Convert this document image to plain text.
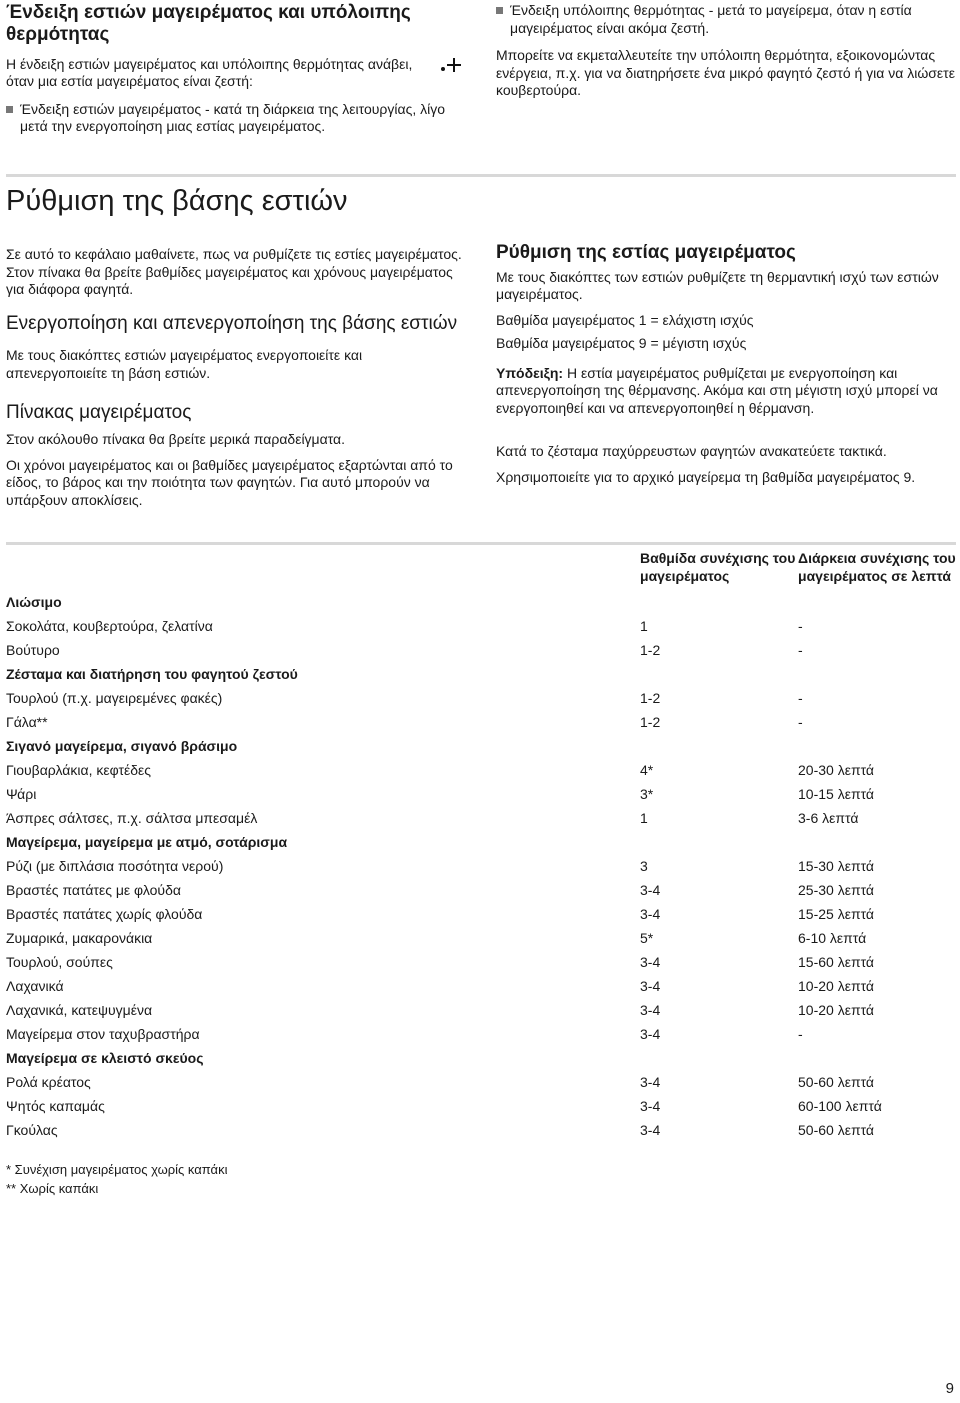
Ένδειξη εστιών μαγειρέματος και υπόλοιπης θερμότητας

Η ένδειξη εστιών μαγειρέματος και υπόλοιπης θερμότητας ανάβει, όταν μια εστία μαγειρέματος είναι ζεστή:

Ένδειξη εστιών μαγειρέματος - κατά τη διάρκεια της λειτουργίας, λίγο μετά την ενεργοποίηση μιας εστίας μαγειρέματος.

Ένδειξη υπόλοιπης θερμότητας - μετά το μαγείρεμα, όταν η εστία μαγειρέματος είναι ακόμα ζεστή.

Μπορείτε να εκμεταλλευτείτε την υπόλοιπη θερμότητα, εξοικονομώντας ενέργεια, π.χ. για να διατηρήσετε ένα μικρό φαγητό ζεστό ή για να λιώσετε κουβερτούρα.

Ρύθμιση της βάσης εστιών

Σε αυτό το κεφάλαιο μαθαίνετε, πως να ρυθμίζετε τις εστίες μαγειρέματος. Στον πίνακα θα βρείτε βαθμίδες μαγειρέματος και χρόνους μαγειρέματος για διάφορα φαγητά.

Ενεργοποίηση και απενεργοποίηση της βάσης εστιών

Με τους διακόπτες εστιών μαγειρέματος ενεργοποιείτε και απενεργοποιείτε τη βάση εστιών.

Πίνακας μαγειρέματος

Στον ακόλουθο πίνακα θα βρείτε μερικά παραδείγματα.

Οι χρόνοι μαγειρέματος και οι βαθμίδες μαγειρέματος εξαρτώνται από το είδος, το βάρος και την ποιότητα των φαγητών. Για αυτό μπορούν να υπάρξουν αποκλίσεις.

Ρύθμιση της εστίας μαγειρέματος

Με τους διακόπτες των εστιών ρυθμίζετε τη θερμαντική ισχύ των εστιών μαγειρέματος.

Βαθμίδα μαγειρέματος 1 = ελάχιστη ισχύς

Βαθμίδα μαγειρέματος 9 = μέγιστη ισχύς

Υπόδειξη: Η εστία μαγειρέματος ρυθμίζεται με ενεργοποίηση και απενεργοποίηση της θέρμανσης. Ακόμα και στη μέγιστη ισχύ μπορεί να ενεργοποιηθεί και να απενεργοποιηθεί η θέρμανση.

Κατά το ζέσταμα παχύρρευστων φαγητών ανακατεύετε τακτικά.

Χρησιμοποιείτε για το αρχικό μαγείρεμα τη βαθμίδα μαγειρέματος 9.

	Βαθμίδα συνέχισης του μαγειρέματος	Διάρκεια συνέχισης του μαγειρέματος σε λεπτά
Λιώσιμο		
Σοκολάτα, κουβερτούρα, ζελατίνα	1	-
Βούτυρο	1-2	-
Ζέσταμα και διατήρηση του φαγητού ζεστού		
Τουρλού (π.χ. μαγειρεμένες φακές)	1-2	-
Γάλα**	1-2	-
Σιγανό μαγείρεμα, σιγανό βράσιμο		
Γιουβαρλάκια, κεφτέδες	4*	20-30 λεπτά
Ψάρι	3*	10-15 λεπτά
Άσπρες σάλτσες, π.χ. σάλτσα μπεσαμέλ	1	3-6 λεπτά
Μαγείρεμα, μαγείρεμα με ατμό, σοτάρισμα		
Ρύζι (με διπλάσια ποσότητα νερού)	3	15-30 λεπτά
Βραστές πατάτες με φλούδα	3-4	25-30 λεπτά
Βραστές πατάτες χωρίς φλούδα	3-4	15-25 λεπτά
Ζυμαρικά, μακαρονάκια	5*	6-10 λεπτά
Τουρλού, σούπες	3-4	15-60 λεπτά
Λαχανικά	3-4	10-20 λεπτά
Λαχανικά, κατεψυγμένα	3-4	10-20 λεπτά
Μαγείρεμα στον ταχυβραστήρα	3-4	-
Μαγείρεμα σε κλειστό σκεύος		
Ρολά κρέατος	3-4	50-60 λεπτά
Ψητός καπαμάς	3-4	60-100 λεπτά
Γκούλας	3-4	50-60 λεπτά

* Συνέχιση μαγειρέματος χωρίς καπάκι

** Χωρίς καπάκι

9
